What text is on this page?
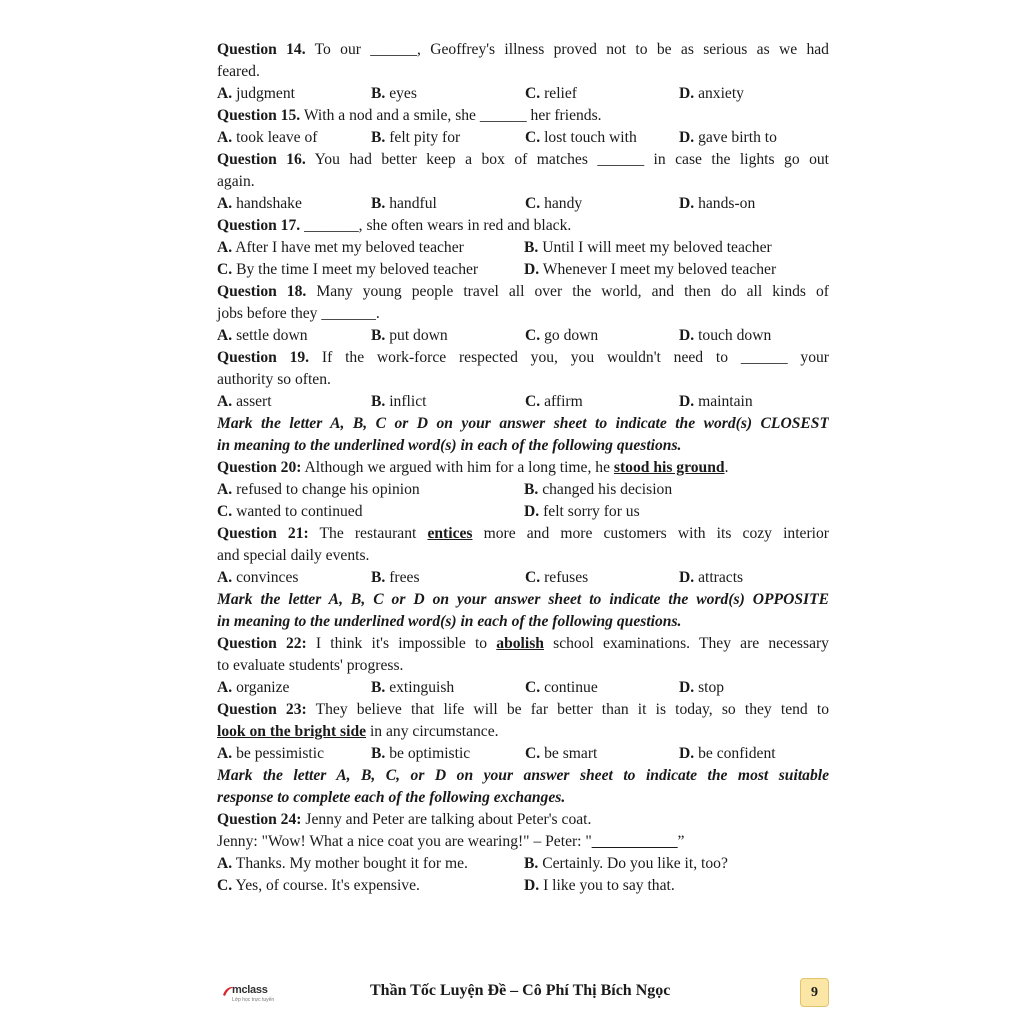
Question 14. To our ______, Geoffrey's illness proved not to be as serious as we had
feared.
A. judgment	B. eyes	C. relief	D. anxiety
Question 15. With a nod and a smile, she ______ her friends.
A. took leave of	B. felt pity for	C. lost touch with	D. gave birth to
Question 16. You had better keep a box of matches ______ in case the lights go out
again.
A. handshake	B. handful	C. handy	D. hands-on
Question 17. _______, she often wears in red and black.
A. After I have met my beloved teacher	B. Until I will meet my beloved teacher
C. By the time I meet my beloved teacher	D. Whenever I meet my beloved teacher
Question 18. Many young people travel all over the world, and then do all kinds of
jobs before they _______.
A. settle down	B. put down	C. go down	D. touch down
Question 19. If the work-force respected you, you wouldn't need to ______ your
authority so often.
A. assert	B. inflict	C. affirm	D. maintain
Mark the letter A, B, C or D on your answer sheet to indicate the word(s) CLOSEST
in meaning to the underlined word(s) in each of the following questions.
Question 20: Although we argued with him for a long time, he stood his ground.
A. refused to change his opinion	B. changed his decision
C. wanted to continued	D. felt sorry for us
Question 21: The restaurant entices more and more customers with its cozy interior
and special daily events.
A. convinces	B. frees	C. refuses	D. attracts
Mark the letter A, B, C or D on your answer sheet to indicate the word(s) OPPOSITE
in meaning to the underlined word(s) in each of the following questions.
Question 22: I think it's impossible to abolish school examinations. They are necessary
to evaluate students' progress.
A. organize	B. extinguish	C. continue	D. stop
Question 23: They believe that life will be far better than it is today, so they tend to
look on the bright side in any circumstance.
A. be pessimistic	B. be optimistic	C. be smart	D. be confident
Mark the letter A, B, C, or D on your answer sheet to indicate the most suitable
response to complete each of the following exchanges.
Question 24: Jenny and Peter are talking about Peter's coat.
Jenny: "Wow! What a nice coat you are wearing!" – Peter: "___________”
A. Thanks. My mother bought it for me.	B. Certainly. Do you like it, too?
C. Yes, of course. It's expensive.	D. I like you to say that.
mclass
Lớp học trực tuyến
Thần Tốc Luyện Đề – Cô Phí Thị Bích Ngọc	9
